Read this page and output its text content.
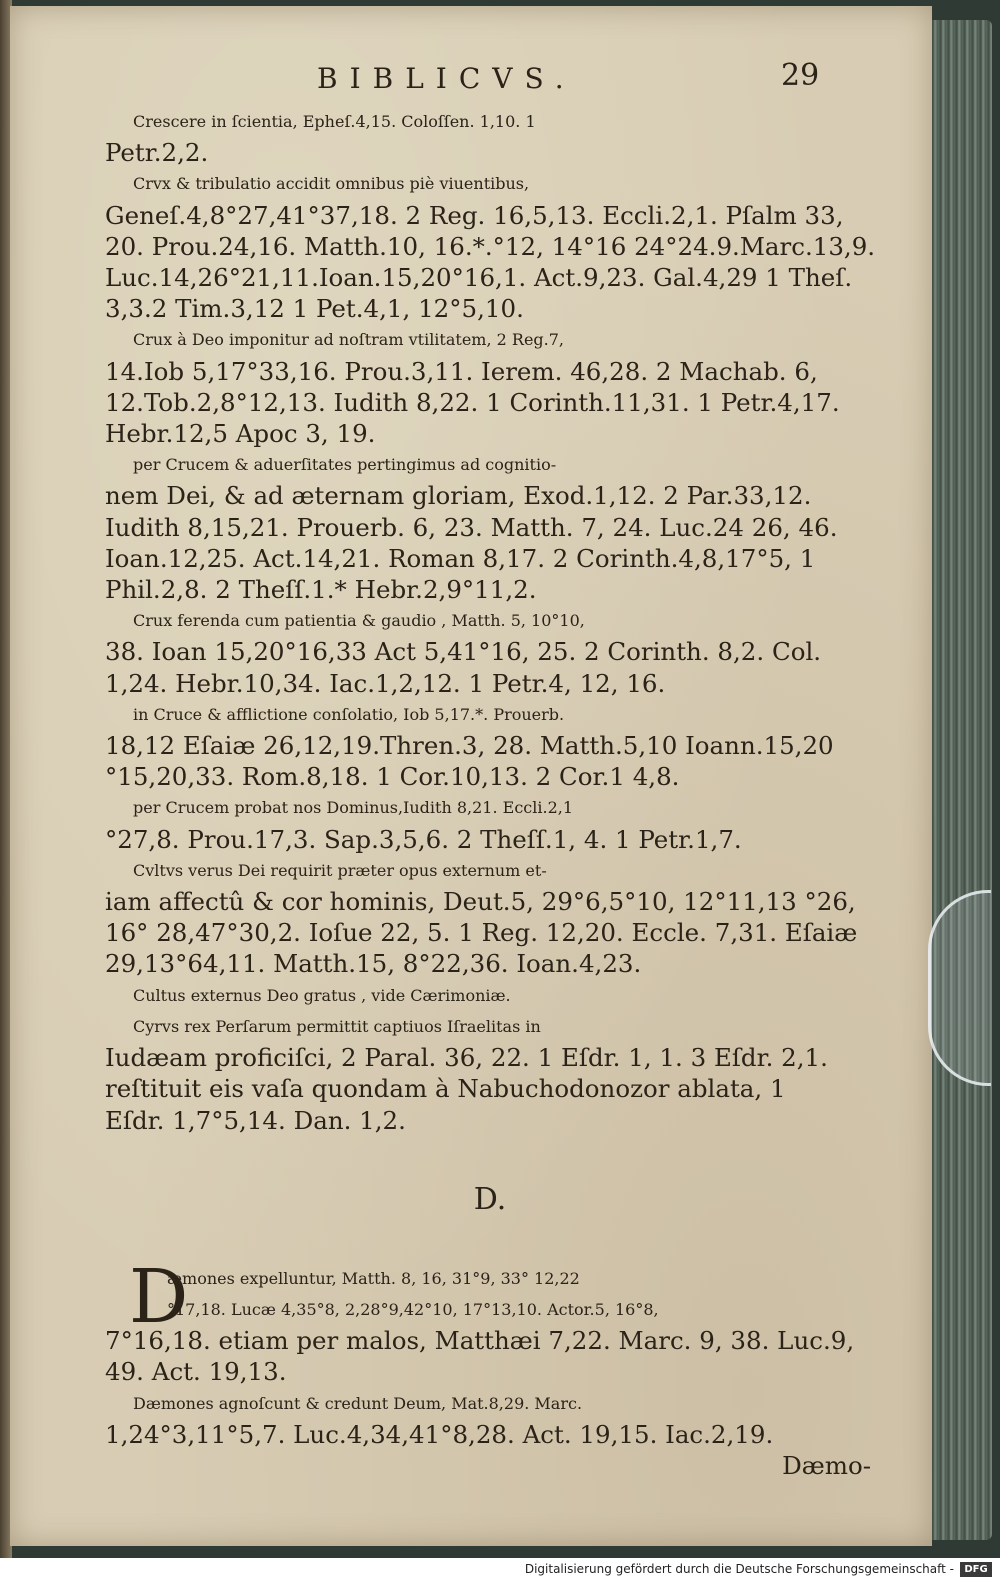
BIBLICVS.	29
Crescere in ſcientia, Epheſ.4,15. Coloſſen. 1,10. 1
Petr.2,2.
Crvx & tribulatio accidit omnibus piè viuentibus,
Geneſ.4,8°27,41°37,18. 2 Reg. 16,5,13. Eccli.2,1. Pſalm 33,
20. Prou.24,16. Matth.10, 16.*.°12, 14°16 24°24.9.Marc.13,9.
Luc.14,26°21,11.Ioan.15,20°16,1. Act.9,23. Gal.4,29 1 Theſ.
3,3.2 Tim.3,12 1 Pet.4,1, 12°5,10.
Crux à Deo imponitur ad noſtram vtilitatem, 2 Reg.7,
14.Iob 5,17°33,16. Prou.3,11. Ierem. 46,28. 2 Machab. 6,
12.Tob.2,8°12,13. Iudith 8,22. 1 Corinth.11,31. 1 Petr.4,17.
Hebr.12,5 Apoc 3, 19.
per Crucem & aduerſitates pertingimus ad cognitio-
nem Dei, & ad æternam gloriam, Exod.1,12. 2 Par.33,12.
Iudith 8,15,21. Prouerb. 6, 23. Matth. 7, 24. Luc.24 26, 46.
Ioan.12,25. Act.14,21. Roman 8,17. 2 Corinth.4,8,17°5, 1
Phil.2,8. 2 Theſſ.1.* Hebr.2,9°11,2.
Crux ferenda cum patientia & gaudio , Matth. 5, 10°10,
38. Ioan 15,20°16,33 Act 5,41°16, 25. 2 Corinth. 8,2. Col.
1,24. Hebr.10,34. Iac.1,2,12. 1 Petr.4, 12, 16.
in Cruce & afflictione conſolatio, Iob 5,17.*. Prouerb.
18,12 Eſaiæ 26,12,19.Thren.3, 28. Matth.5,10 Ioann.15,20
°15,20,33. Rom.8,18. 1 Cor.10,13. 2 Cor.1 4,8.
per Crucem probat nos Dominus,Iudith 8,21. Eccli.2,1
°27,8. Prou.17,3. Sap.3,5,6. 2 Theſſ.1, 4. 1 Petr.1,7.
Cvltvs verus Dei requirit præter opus externum et-
iam affectû & cor hominis, Deut.5, 29°6,5°10, 12°11,13 °26,
16° 28,47°30,2. Ioſue 22, 5. 1 Reg. 12,20. Eccle. 7,31. Eſaiæ
29,13°64,11. Matth.15, 8°22,36. Ioan.4,23.
Cultus externus Deo gratus , vide Cærimoniæ.
Cyrvs rex Perſarum permittit captiuos Iſraelitas in
Iudæam proficiſci, 2 Paral. 36, 22. 1 Eſdr. 1, 1. 3 Eſdr. 2,1.
reſtituit eis vaſa quondam à Nabuchodonozor ablata, 1
Eſdr. 1,7°5,14. Dan. 1,2.
D.
D
æmones expelluntur, Matth. 8, 16, 31°9, 33° 12,22
°17,18. Lucæ 4,35°8, 2,28°9,42°10, 17°13,10. Actor.5, 16°8,
7°16,18. etiam per malos, Matthæi 7,22. Marc. 9, 38. Luc.9,
49. Act. 19,13.
Dæmones agnoſcunt & credunt Deum, Mat.8,29. Marc.
1,24°3,11°5,7. Luc.4,34,41°8,28. Act. 19,15. Iac.2,19.
Dæmo-
Digitalisierung gefördert durch die Deutsche Forschungsgemeinschaft -	DFG
